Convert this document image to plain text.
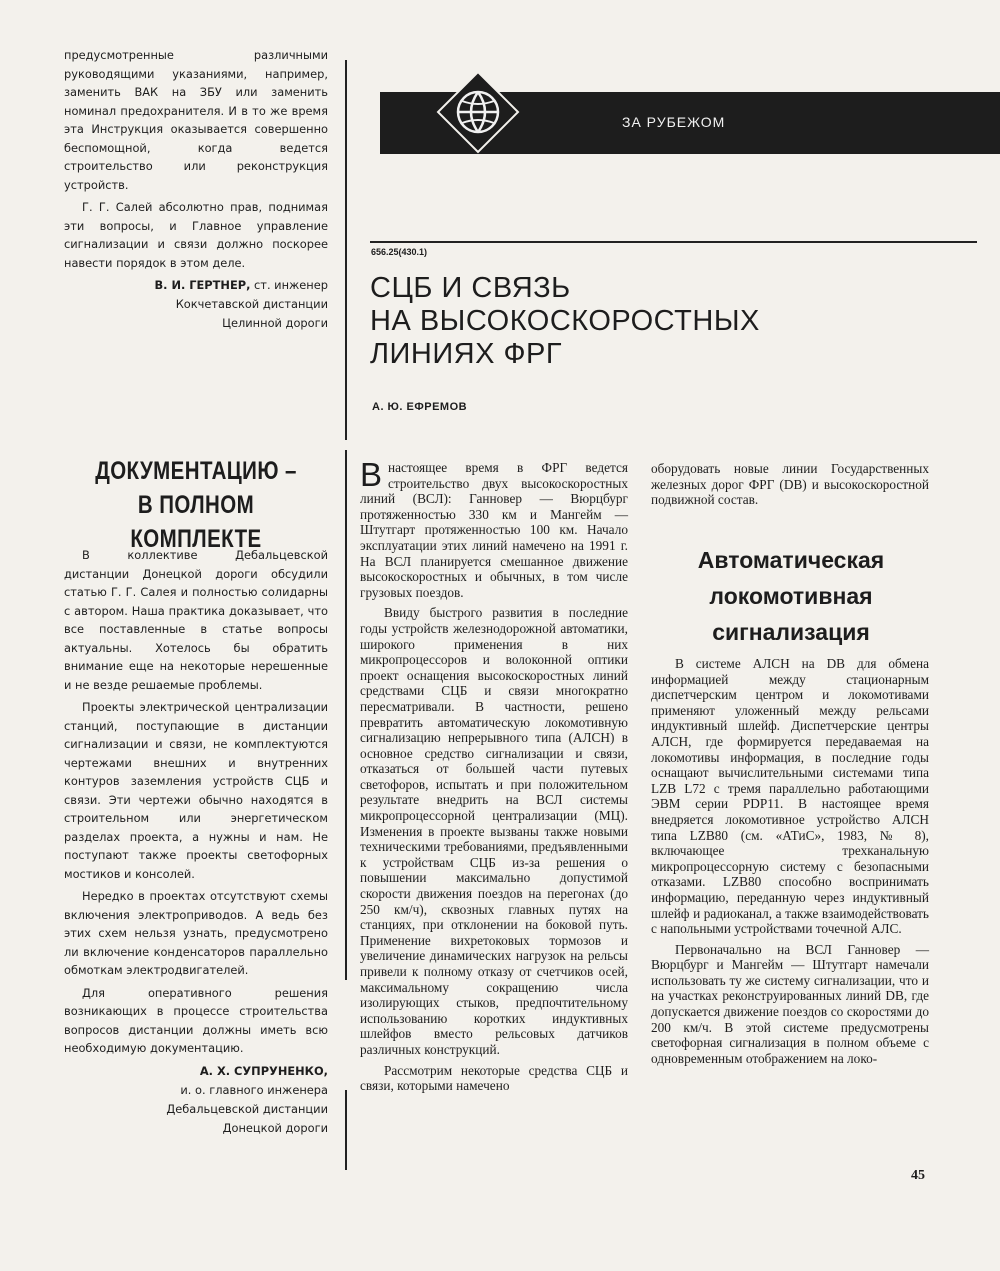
предусмотренные различными руководящими указаниями, например, заменить ВАК на ЗБУ или заменить номинал предохранителя. И в то же время эта Инструкция оказывается совершенно беспомощной, когда ведется строительство или реконструкция устройств.

Г. Г. Салей абсолютно прав, поднимая эти вопросы, и Главное управление сигнализации и связи должно поскорее навести порядок в этом деле.

В. И. ГЕРТНЕР, ст. инженер
Кокчетавской дистанции
Целинной дороги
ДОКУМЕНТАЦИЮ –
В ПОЛНОМ КОМПЛЕКТЕ

В коллективе Дебальцевской дистанции Донецкой дороги обсудили статью Г. Г. Салея и полностью солидарны с автором. Наша практика доказывает, что все поставленные в статье вопросы актуальны. Хотелось бы обратить внимание еще на некоторые нерешенные и не везде решаемые проблемы.

Проекты электрической централизации станций, поступающие в дистанции сигнализации и связи, не комплектуются чертежами внешних и внутренних контуров заземления устройств СЦБ и связи. Эти чертежи обычно находятся в строительном или энергетическом разделах проекта, а нужны и нам. Не поступают также проекты светофорных мостиков и консолей.

Нередко в проектах отсутствуют схемы включения электроприводов. А ведь без этих схем нельзя узнать, предусмотрено ли включение конденсаторов параллельно обмоткам электродвигателей.

Для оперативного решения возникающих в процессе строительства вопросов дистанции должны иметь всю необходимую документацию.

А. Х. СУПРУНЕНКО,
и. о. главного инженера
Дебальцевской дистанции
Донецкой дороги
ЗА РУБЕЖОМ
656.25(430.1)
СЦБ И СВЯЗЬ
НА ВЫСОКОСКОРОСТНЫХ
ЛИНИЯХ ФРГ
А. Ю. ЕФРЕМОВ

Внастоящее время в ФРГ ведется строительство двух высокоскоростных линий (ВСЛ): Ганновер — Вюрцбург протяженностью 330 км и Мангейм — Штутгарт протяженностью 100 км. Начало эксплуатации этих линий намечено на 1991 г. На ВСЛ планируется смешанное движение высокоскоростных и обычных, в том числе грузовых поездов.

Ввиду быстрого развития в последние годы устройств железнодорожной автоматики, широкого применения в них микропроцессоров и волоконной оптики проект оснащения высокоскоростных линий средствами СЦБ и связи многократно пересматривали. В частности, решено превратить автоматическую локомотивную сигнализацию непрерывного типа (АЛСН) в основное средство сигнализации и связи, отказаться от большей части путевых светофоров, испытать и при положительном результате внедрить на ВСЛ системы микропроцессорной централизации (МЦ). Изменения в проекте вызваны также новыми техническими требованиями, предъявленными к устройствам СЦБ из-за решения о повышении максимально допустимой скорости движения поездов на перегонах (до 250 км/ч), сквозных главных путях на станциях, при отклонении на боковой путь. Применение вихретоковых тормозов и увеличение динамических нагрузок на рельсы привели к полному отказу от счетчиков осей, максимальному сокращению числа изолирующих стыков, предпочтительному использованию коротких индуктивных шлейфов вместо рельсовых датчиков различных конструкций.

Рассмотрим некоторые средства СЦБ и связи, которыми намечено

оборудовать новые линии Государственных железных дорог ФРГ (DB) и высокоскоростной подвижной состав.

Автоматическая
локомотивная
сигнализация

В системе АЛСН на DB для обмена информацией между стационарным диспетчерским центром и локомотивами применяют уложенный между рельсами индуктивный шлейф. Диспетчерские центры АЛСН, где формируется передаваемая на локомотивы информация, в последние годы оснащают вычислительными системами типа LZB L72 с тремя параллельно работающими ЭВМ серии PDP11. В настоящее время внедряется локомотивное устройство АЛСН типа LZB80 (см. «АТиС», 1983, № 8), включающее трехканальную микропроцессорную систему с безопасными отказами. LZB80 способно воспринимать информацию, переданную через индуктивный шлейф и радиоканал, а также взаимодействовать с напольными устройствами точечной АЛС.

Первоначально на ВСЛ Ганновер — Вюрцбург и Мангейм — Штутгарт намечали использовать ту же систему сигнализации, что и на участках реконструированных линий DB, где допускается движение поездов со скоростями до 200 км/ч. В этой системе предусмотрены светофорная сигнализация в полном объеме с одновременным отображением на локо-

45
